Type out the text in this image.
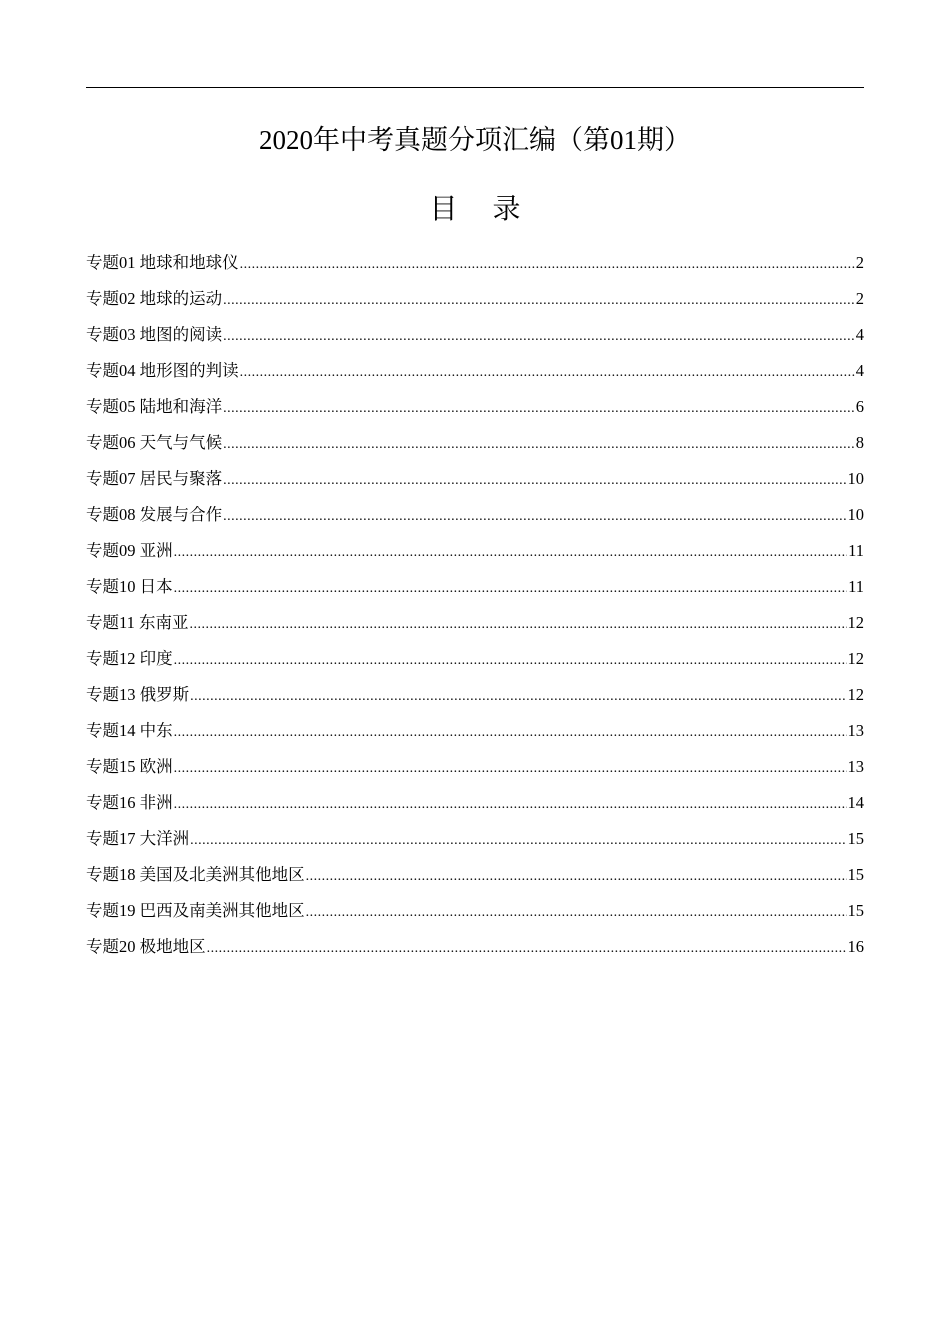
2020年中考真题分项汇编（第01期）
目 录
专题01 地球和地球仪 .....	2
专题02 地球的运动 .....	2
专题03 地图的阅读 .....	4
专题04 地形图的判读 .....	4
专题05 陆地和海洋 .....	6
专题06 天气与气候 .....	8
专题07 居民与聚落 .....	10
专题08 发展与合作 .....	10
专题09 亚洲 .....	11
专题10 日本 .....	11
专题11 东南亚 .....	12
专题12 印度 .....	12
专题13 俄罗斯 .....	12
专题14 中东 .....	13
专题15 欧洲 .....	13
专题16 非洲 .....	14
专题17 大洋洲 .....	15
专题18 美国及北美洲其他地区 .....	15
专题19 巴西及南美洲其他地区 .....	15
专题20 极地地区 .....	16
